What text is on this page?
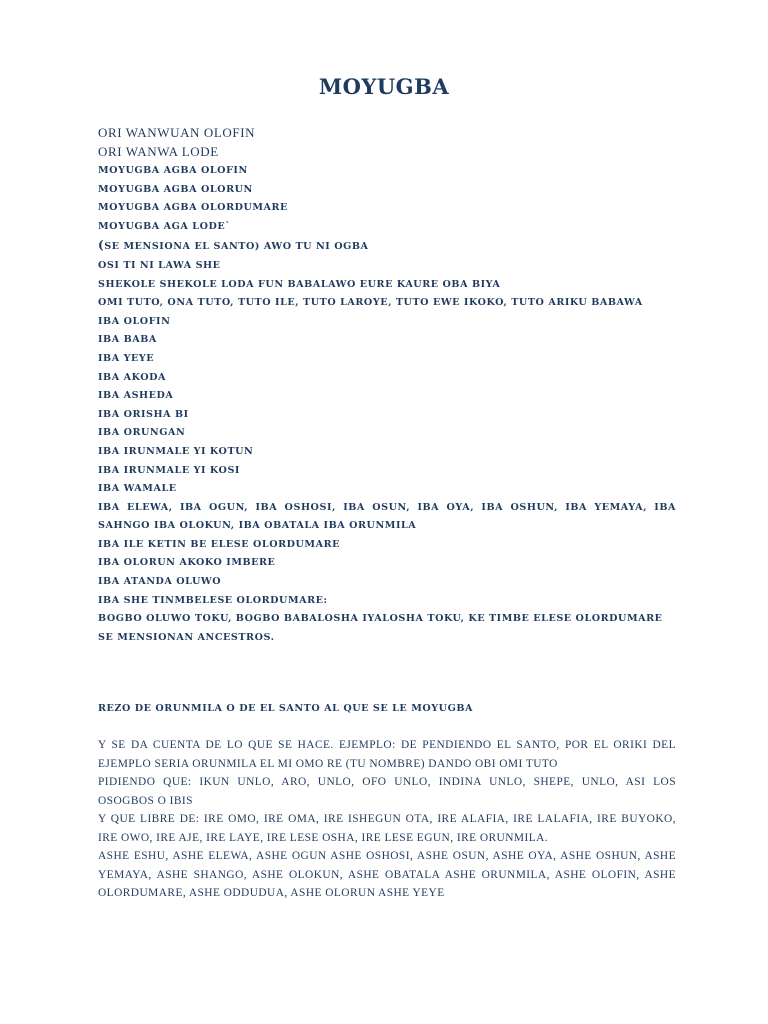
MOYUGBA
ORI WANWUAN OLOFIN
ORI WANWA LODE
MOYUGBA AGBA OLOFIN
MOYUGBA AGBA OLORUN
MOYUGBA AGBA OLORDUMARE
MOYUGBA AGA LODE`
(SE MENSIONA EL SANTO) AWO TU NI OGBA
OSI TI NI LAWA SHE
SHEKOLE SHEKOLE LODA FUN BABALAWO EURE KAURE OBA BIYA
OMI TUTO, ONA TUTO, TUTO ILE, TUTO LAROYE, TUTO EWE IKOKO, TUTO ARIKU BABAWA
IBA OLOFIN
IBA BABA
IBA YEYE
IBA AKODA
IBA ASHEDA
IBA ORISHA BI
IBA ORUNGAN
IBA IRUNMALE YI KOTUN
IBA IRUNMALE YI KOSI
IBA WAMALE
IBA ELEWA, IBA OGUN, IBA OSHOSI, IBA OSUN, IBA OYA, IBA OSHUN, IBA YEMAYA, IBA SAHNGO IBA OLOKUN, IBA OBATALA IBA ORUNMILA
IBA ILE KETIN BE ELESE OLORDUMARE
IBA OLORUN AKOKO IMBERE
IBA ATANDA OLUWO
IBA SHE TINMBELESE OLORDUMARE:
BOGBO OLUWO TOKU, BOGBO BABALOSHA IYALOSHA TOKU, KE TIMBE ELESE OLORDUMARE
SE MENSIONAN ANCESTROS.
REZO DE ORUNMILA O DE EL SANTO AL QUE SE LE MOYUGBA
Y SE DA CUENTA DE LO QUE SE HACE. EJEMPLO: DE PENDIENDO EL SANTO, POR EL ORIKI DEL EJEMPLO SERIA ORUNMILA EL MI OMO RE (TU NOMBRE) DANDO OBI OMI TUTO
PIDIENDO QUE: IKUN UNLO, ARO, UNLO, OFO UNLO, INDINA UNLO, SHEPE, UNLO, ASI LOS OSOGBOS O IBIS
Y QUE LIBRE DE: IRE OMO, IRE OMA, IRE ISHEGUN OTA, IRE ALAFIA, IRE LALAFIA, IRE BUYOKO, IRE OWO, IRE AJE, IRE LAYE, IRE LESE OSHA, IRE LESE EGUN, IRE ORUNMILA.
ASHE ESHU, ASHE ELEWA, ASHE OGUN ASHE OSHOSI, ASHE OSUN, ASHE OYA, ASHE OSHUN, ASHE YEMAYA, ASHE SHANGO, ASHE OLOKUN, ASHE OBATALA ASHE ORUNMILA, ASHE OLOFIN, ASHE OLORDUMARE, ASHE ODDUDUA, ASHE OLORUN ASHE YEYE
